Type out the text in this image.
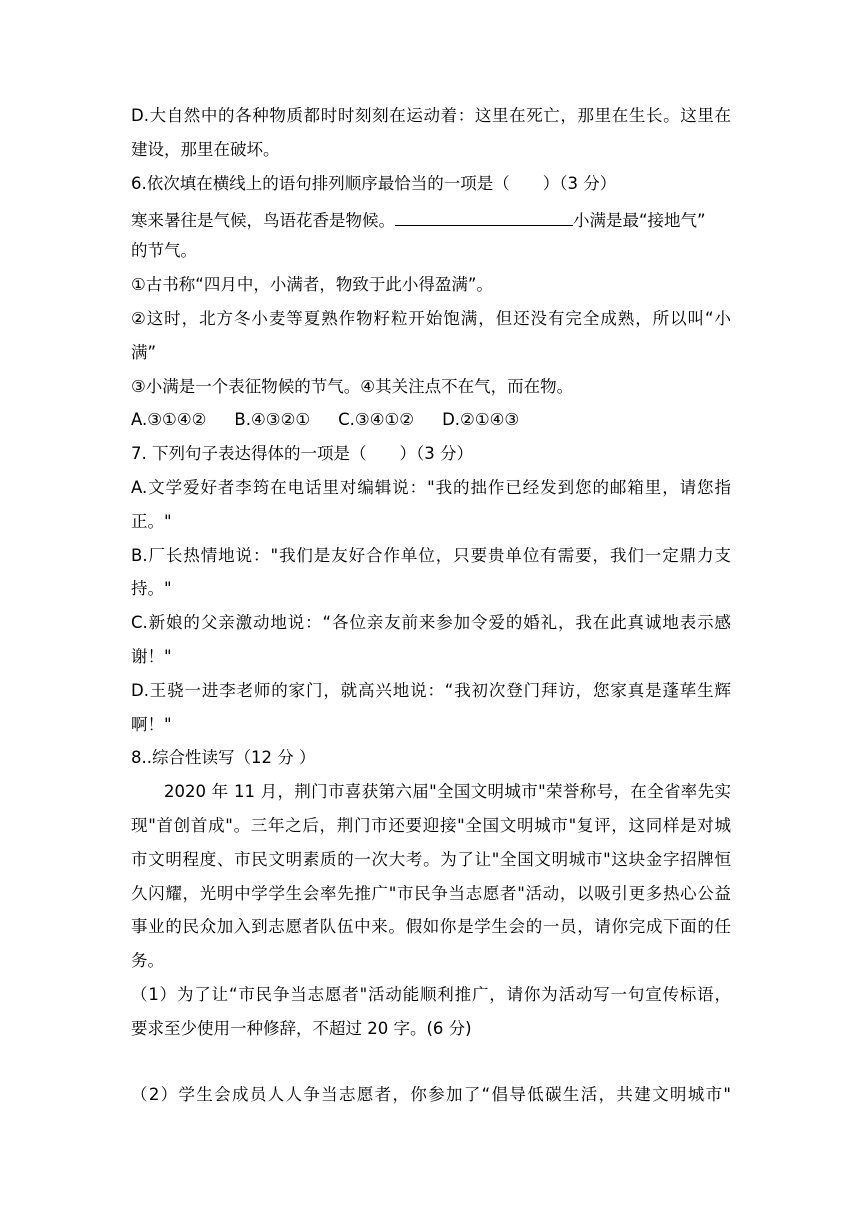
D.大自然中的各种物质都时时刻刻在运动着：这里在死亡，那里在生长。这里在
建设，那里在破坏。
6.依次填在横线上的语句排列顺序最恰当的一项是（　　）（3 分）
寒来暑往是气候，鸟语花香是物候。	小满是最“接地气”
的节气。
①古书称“四月中，小满者，物致于此小得盈满”。
②这时，北方冬小麦等夏熟作物籽粒开始饱满，但还没有完全成熟，所以叫“小
满”
③小满是一个表征物候的节气。④其关注点不在气，而在物。
A.③①④② B.④③②① C.③④①② D.②①④③
7. 下列句子表达得体的一项是（　　）（3 分）
A.文学爱好者李筠在电话里对编辑说："我的拙作已经发到您的邮箱里，请您指
正。"
B.厂长热情地说："我们是友好合作单位，只要贵单位有需要，我们一定鼎力支
持。"
C.新娘的父亲激动地说：“各位亲友前来参加令爱的婚礼，我在此真诚地表示感
谢！"
D.王骁一进李老师的家门，就高兴地说：“我初次登门拜访，您家真是蓬荜生辉
啊！"
8..综合性读写（12 分 ）
2020 年 11 月，荆门市喜获第六届"全国文明城市"荣誉称号，在全省率先实
现"首创首成"。三年之后，荆门市还要迎接"全国文明城市"复评，这同样是对城
市文明程度、市民文明素质的一次大考。为了让"全国文明城市"这块金字招牌恒
久闪耀，光明中学学生会率先推广"市民争当志愿者"活动，以吸引更多热心公益
事业的民众加入到志愿者队伍中来。假如你是学生会的一员，请你完成下面的任
务。
（1）为了让“市民争当志愿者"活动能顺利推广，请你为活动写一句宣传标语，
要求至少使用一种修辞，不超过 20 字。(6 分)
（2）学生会成员人人争当志愿者，你参加了“倡导低碳生活，共建文明城市"
